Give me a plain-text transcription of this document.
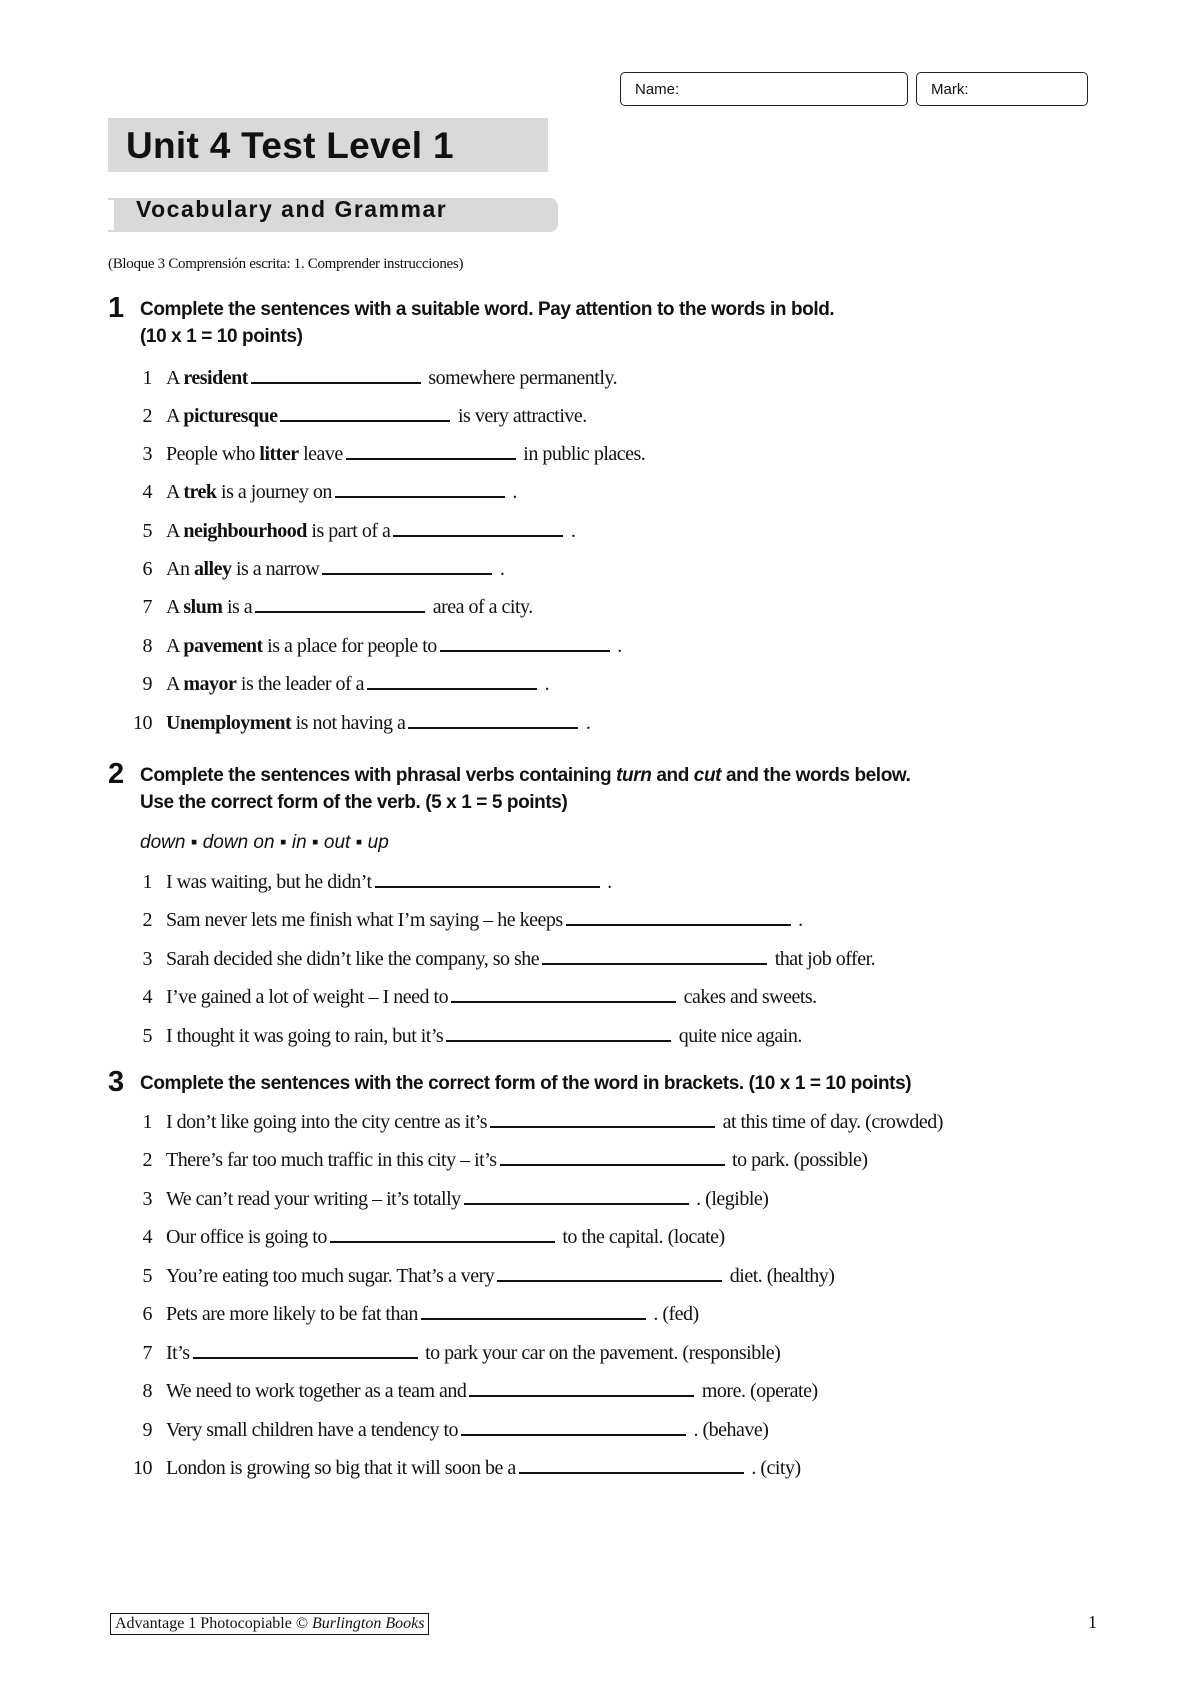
Name:	Mark:
Unit 4 Test Level 1
Vocabulary and Grammar
(Bloque 3 Comprensión escrita: 1. Comprender instrucciones)
1 Complete the sentences with a suitable word. Pay attention to the words in bold.
(10 x 1 = 10 points)
1 A resident	somewhere permanently.
2 A picturesque	is very attractive.
3 People who litter leave	in public places.
4 A trek is a journey on	.
5 A neighbourhood is part of a	.
6 An alley is a narrow	.
7 A slum is a	area of a city.
8 A pavement is a place for people to	.
9 A mayor is the leader of a	.
10 Unemployment is not having a	.
2 Complete the sentences with phrasal verbs containing turn and cut and the words below.
Use the correct form of the verb. (5 x 1 = 5 points)
down ▪ down on ▪ in ▪ out ▪ up
1 I was waiting, but he didn’t	.
2 Sam never lets me finish what I’m saying – he keeps	.
3 Sarah decided she didn’t like the company, so she	that job offer.
4 I’ve gained a lot of weight – I need to	cakes and sweets.
5 I thought it was going to rain, but it’s	quite nice again.
3 Complete the sentences with the correct form of the word in brackets. (10 x 1 = 10 points)
1 I don’t like going into the city centre as it’s	at this time of day. (crowded)
2 There’s far too much traffic in this city – it’s	to park. (possible)
3 We can’t read your writing – it’s totally	. (legible)
4 Our office is going to	to the capital. (locate)
5 You’re eating too much sugar. That’s a very	diet. (healthy)
6 Pets are more likely to be fat than	. (fed)
7 It’s	to park your car on the pavement. (responsible)
8 We need to work together as a team and	more. (operate)
9 Very small children have a tendency to	. (behave)
10 London is growing so big that it will soon be a	. (city)
Advantage 1 Photocopiable © Burlington Books	1
